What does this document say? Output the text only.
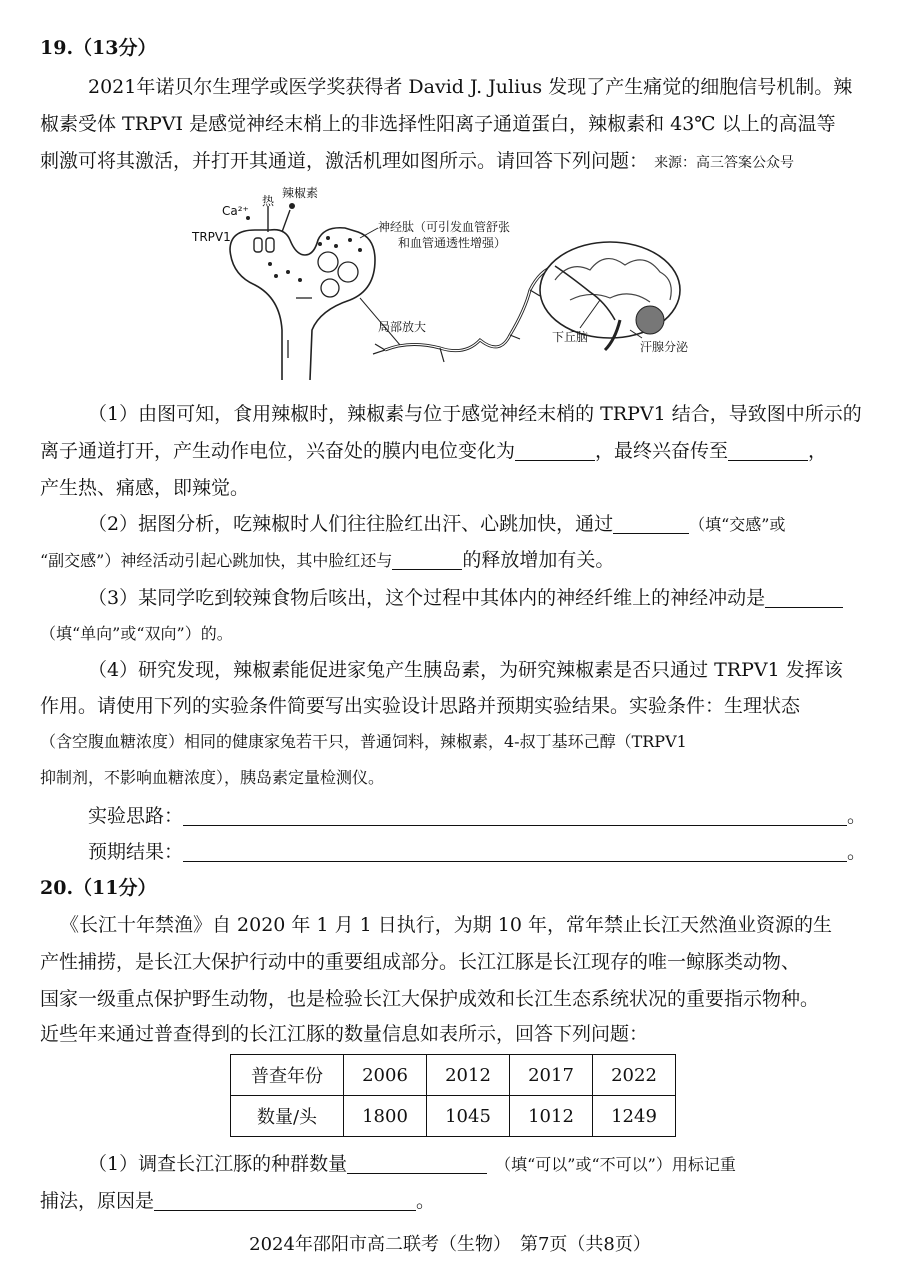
19.（13分）
2021年诺贝尔生理学或医学奖获得者 David J. Julius 发现了产生痛觉的细胞信号机制。辣
椒素受体 TRPVI 是感觉神经末梢上的非选择性阳离子通道蛋白，辣椒素和 43℃ 以上的高温等
刺激可将其激活，并打开其通道，激活机理如图所示。请回答下列问题： 来源：高三答案公众号
Ca²⁺
热
辣椒素
TRPV1
神经肽（可引发血管舒张
和血管通透性增强）
局部放大
下丘脑
汗腺分泌
（1）由图可知，食用辣椒时，辣椒素与位于感觉神经末梢的 TRPV1 结合，导致图中所示的
离子通道打开，产生动作电位，兴奋处的膜内电位变化为	，最终兴奋传至	，
产生热、痛感，即辣觉。
（2）据图分析，吃辣椒时人们往往脸红出汗、心跳加快，通过	（填“交感”或
“副交感”）神经活动引起心跳加快，其中脸红还与	的释放增加有关。
（3）某同学吃到较辣食物后咳出，这个过程中其体内的神经纤维上的神经冲动是
（填“单向”或“双向”）的。
（4）研究发现，辣椒素能促进家兔产生胰岛素，为研究辣椒素是否只通过 TRPV1 发挥该
作用。请使用下列的实验条件简要写出实验设计思路并预期实验结果。实验条件：生理状态
（含空腹血糖浓度）相同的健康家兔若干只，普通饲料，辣椒素，4-叔丁基环己醇（TRPV1
抑制剂，不影响血糖浓度），胰岛素定量检测仪。
实验思路：	。
预期结果：	。
20.（11分）
《长江十年禁渔》自 2020 年 1 月 1 日执行，为期 10 年，常年禁止长江天然渔业资源的生
产性捕捞，是长江大保护行动中的重要组成部分。长江江豚是长江现存的唯一鲸豚类动物、
国家一级重点保护野生动物，也是检验长江大保护成效和长江生态系统状况的重要指示物种。
近些年来通过普查得到的长江江豚的数量信息如表所示，回答下列问题：
普查年份	2006	2012	2017	2022
数量/头	1800	1045	1012	1249
（1）调查长江江豚的种群数量	（填“可以”或“不可以”）用标记重
捕法，原因是	。
2024年邵阳市高二联考（生物）　第7页（共8页）
